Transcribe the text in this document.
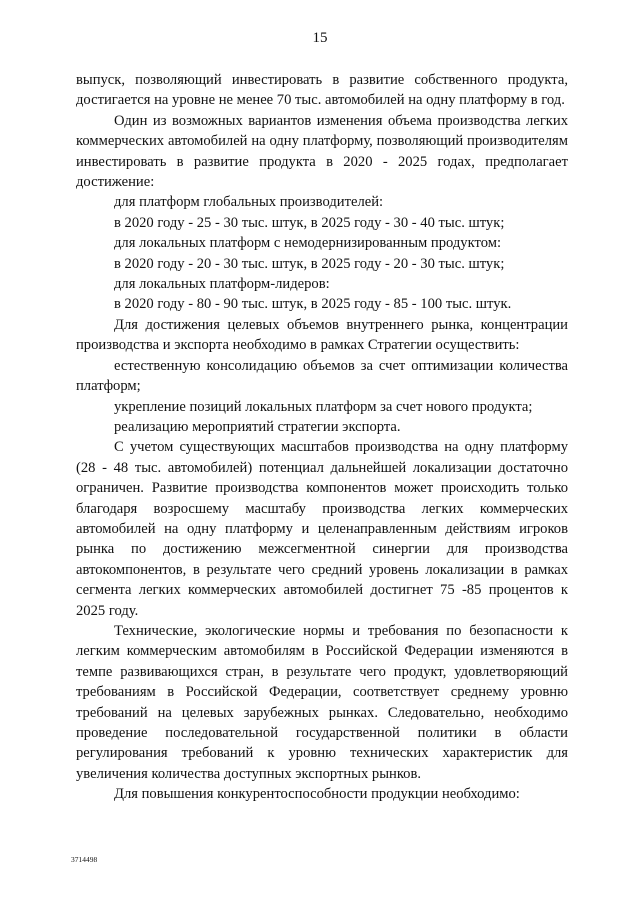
15

выпуск, позволяющий инвестировать в развитие собственного продукта, достигается на уровне не менее 70 тыс. автомобилей на одну платформу в год.

Один из возможных вариантов изменения объема производства легких коммерческих автомобилей на одну платформу, позволяющий производителям инвестировать в развитие продукта в 2020 - 2025 годах, предполагает достижение:

для платформ глобальных производителей:

в 2020 году - 25 - 30 тыс. штук, в 2025 году - 30 - 40 тыс. штук;

для локальных платформ с немодернизированным продуктом:

в 2020 году - 20 - 30 тыс. штук, в 2025 году - 20 - 30 тыс. штук;

для локальных платформ-лидеров:

в 2020 году - 80 - 90 тыс. штук, в 2025 году - 85 - 100 тыс. штук.

Для достижения целевых объемов внутреннего рынка, концентрации производства и экспорта необходимо в рамках Стратегии осуществить:

естественную консолидацию объемов за счет оптимизации количества платформ;

укрепление позиций локальных платформ за счет нового продукта;

реализацию мероприятий стратегии экспорта.

С учетом существующих масштабов производства на одну платформу (28 - 48 тыс. автомобилей) потенциал дальнейшей локализации достаточно ограничен. Развитие производства компонентов может происходить только благодаря возросшему масштабу производства легких коммерческих автомобилей на одну платформу и целенаправленным действиям игроков рынка по достижению межсегментной синергии для производства автокомпонентов, в результате чего средний уровень локализации в рамках сегмента легких коммерческих автомобилей достигнет 75 -85 процентов к 2025 году.

Технические, экологические нормы и требования по безопасности к легким коммерческим автомобилям в Российской Федерации изменяются в темпе развивающихся стран, в результате чего продукт, удовлетворяющий требованиям в Российской Федерации, соответствует среднему уровню требований на целевых зарубежных рынках. Следовательно, необходимо проведение последовательной государственной политики в области регулирования требований к уровню технических характеристик для увеличения количества доступных экспортных рынков.

Для повышения конкурентоспособности продукции необходимо:

3714498
